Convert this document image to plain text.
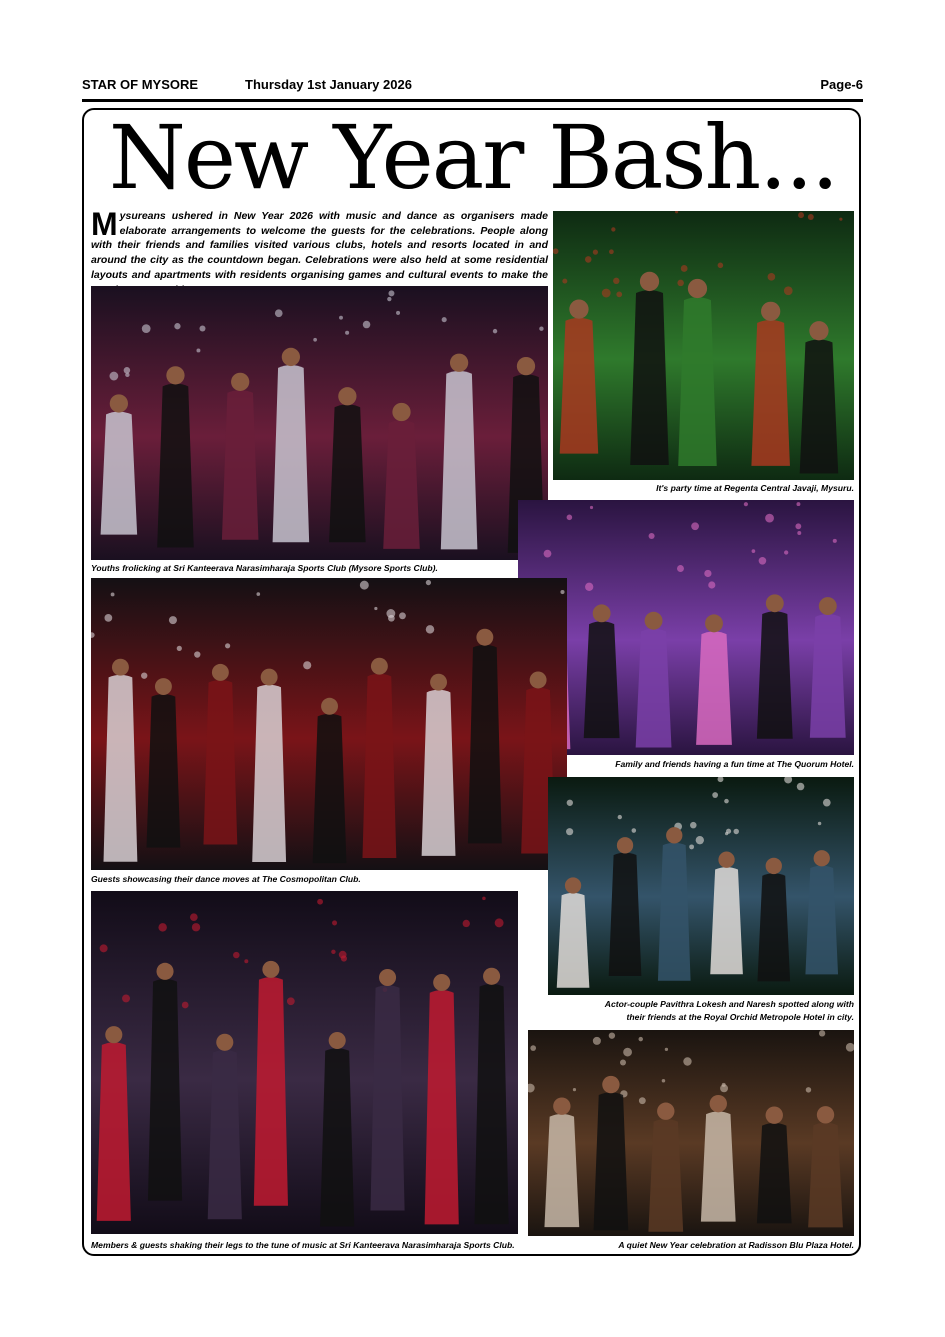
STAR OF MYSORE	Thursday 1st January 2026	Page-6
New Year Bash...
Mysureans ushered in New Year 2026 with music and dance as organisers made elaborate arrangements to welcome the guests for the celebrations. People along with their friends and families visited various clubs, hotels and resorts located in and around the city as the countdown began. Celebrations were also held at some residential layouts and apartments with residents organising games and cultural events to make the
Youths frolicking at Sri Kanteerava Narasimharaja Sports Club (Mysore Sports Club).
It's party time at Regenta Central Javaji, Mysuru.
Family and friends having a fun time at The Quorum Hotel.
Guests showcasing their dance moves at The Cosmopolitan Club.
Actor-couple Pavithra Lokesh and Naresh spotted along with
their friends at the Royal Orchid Metropole Hotel in city.
Members & guests shaking their legs to the tune of music at Sri Kanteerava Narasimharaja Sports Club.	A quiet New Year celebration at Radisson Blu Plaza Hotel.
